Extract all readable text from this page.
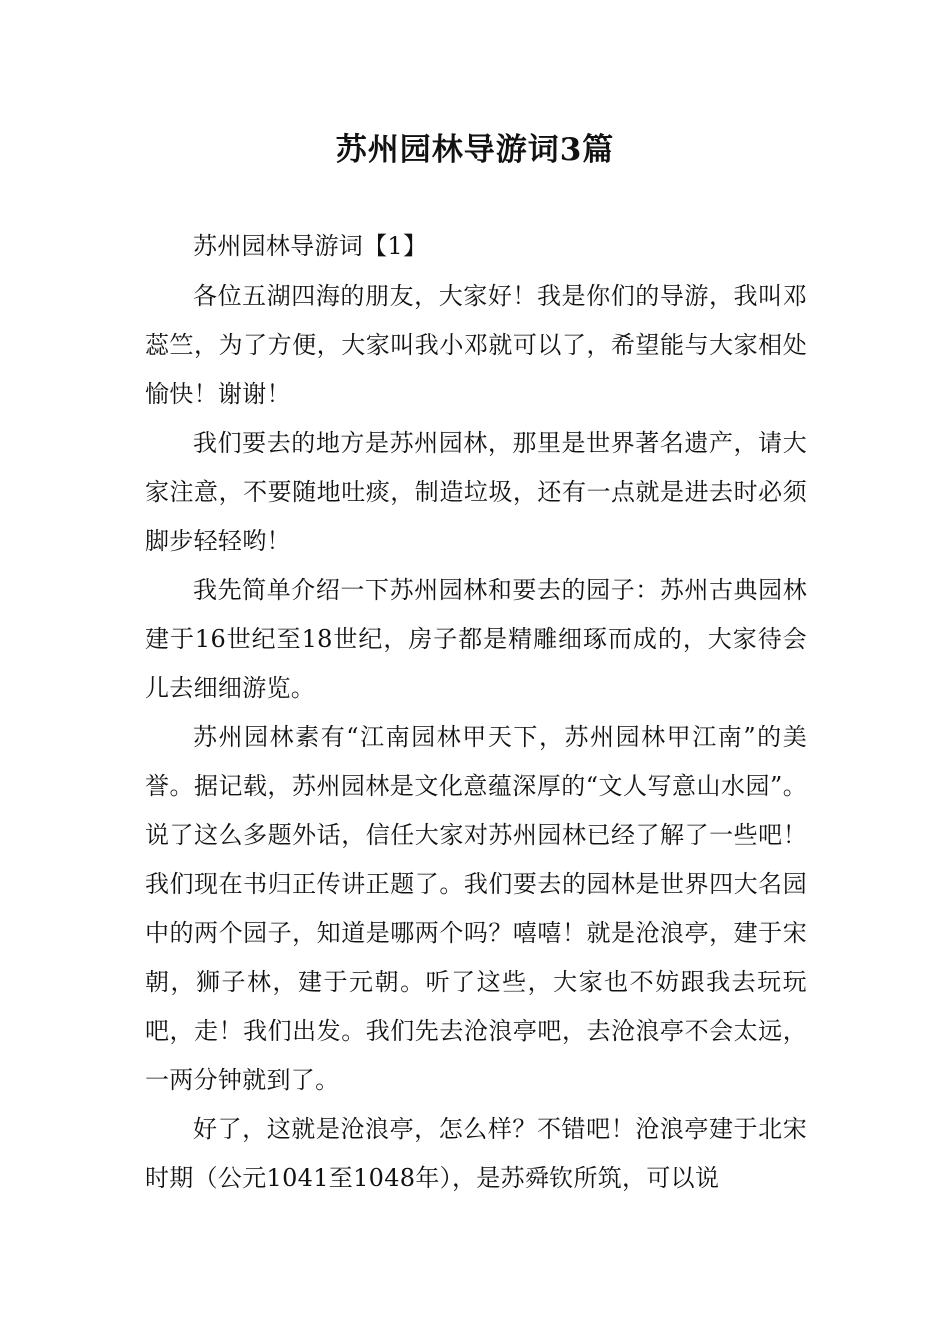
苏州园林导游词3篇

苏州园林导游词【1】

各位五湖四海的朋友，大家好！我是你们的导游，我叫邓蕊竺，为了方便，大家叫我小邓就可以了，希望能与大家相处愉快！谢谢！

我们要去的地方是苏州园林，那里是世界著名遗产，请大家注意，不要随地吐痰，制造垃圾，还有一点就是进去时必须脚步轻轻哟！

我先简单介绍一下苏州园林和要去的园子：苏州古典园林建于16世纪至18世纪，房子都是精雕细琢而成的，大家待会儿去细细游览。

苏州园林素有“江南园林甲天下，苏州园林甲江南”的美誉。据记载，苏州园林是文化意蕴深厚的“文人写意山水园”。说了这么多题外话，信任大家对苏州园林已经了解了一些吧！我们现在书归正传讲正题了。我们要去的园林是世界四大名园中的两个园子，知道是哪两个吗？嘻嘻！就是沧浪亭，建于宋朝，狮子林，建于元朝。听了这些，大家也不妨跟我去玩玩吧，走！我们出发。我们先去沧浪亭吧，去沧浪亭不会太远，一两分钟就到了。

好了，这就是沧浪亭，怎么样？不错吧！沧浪亭建于北宋时期（公元1041至1048年），是苏舜钦所筑，可以说
